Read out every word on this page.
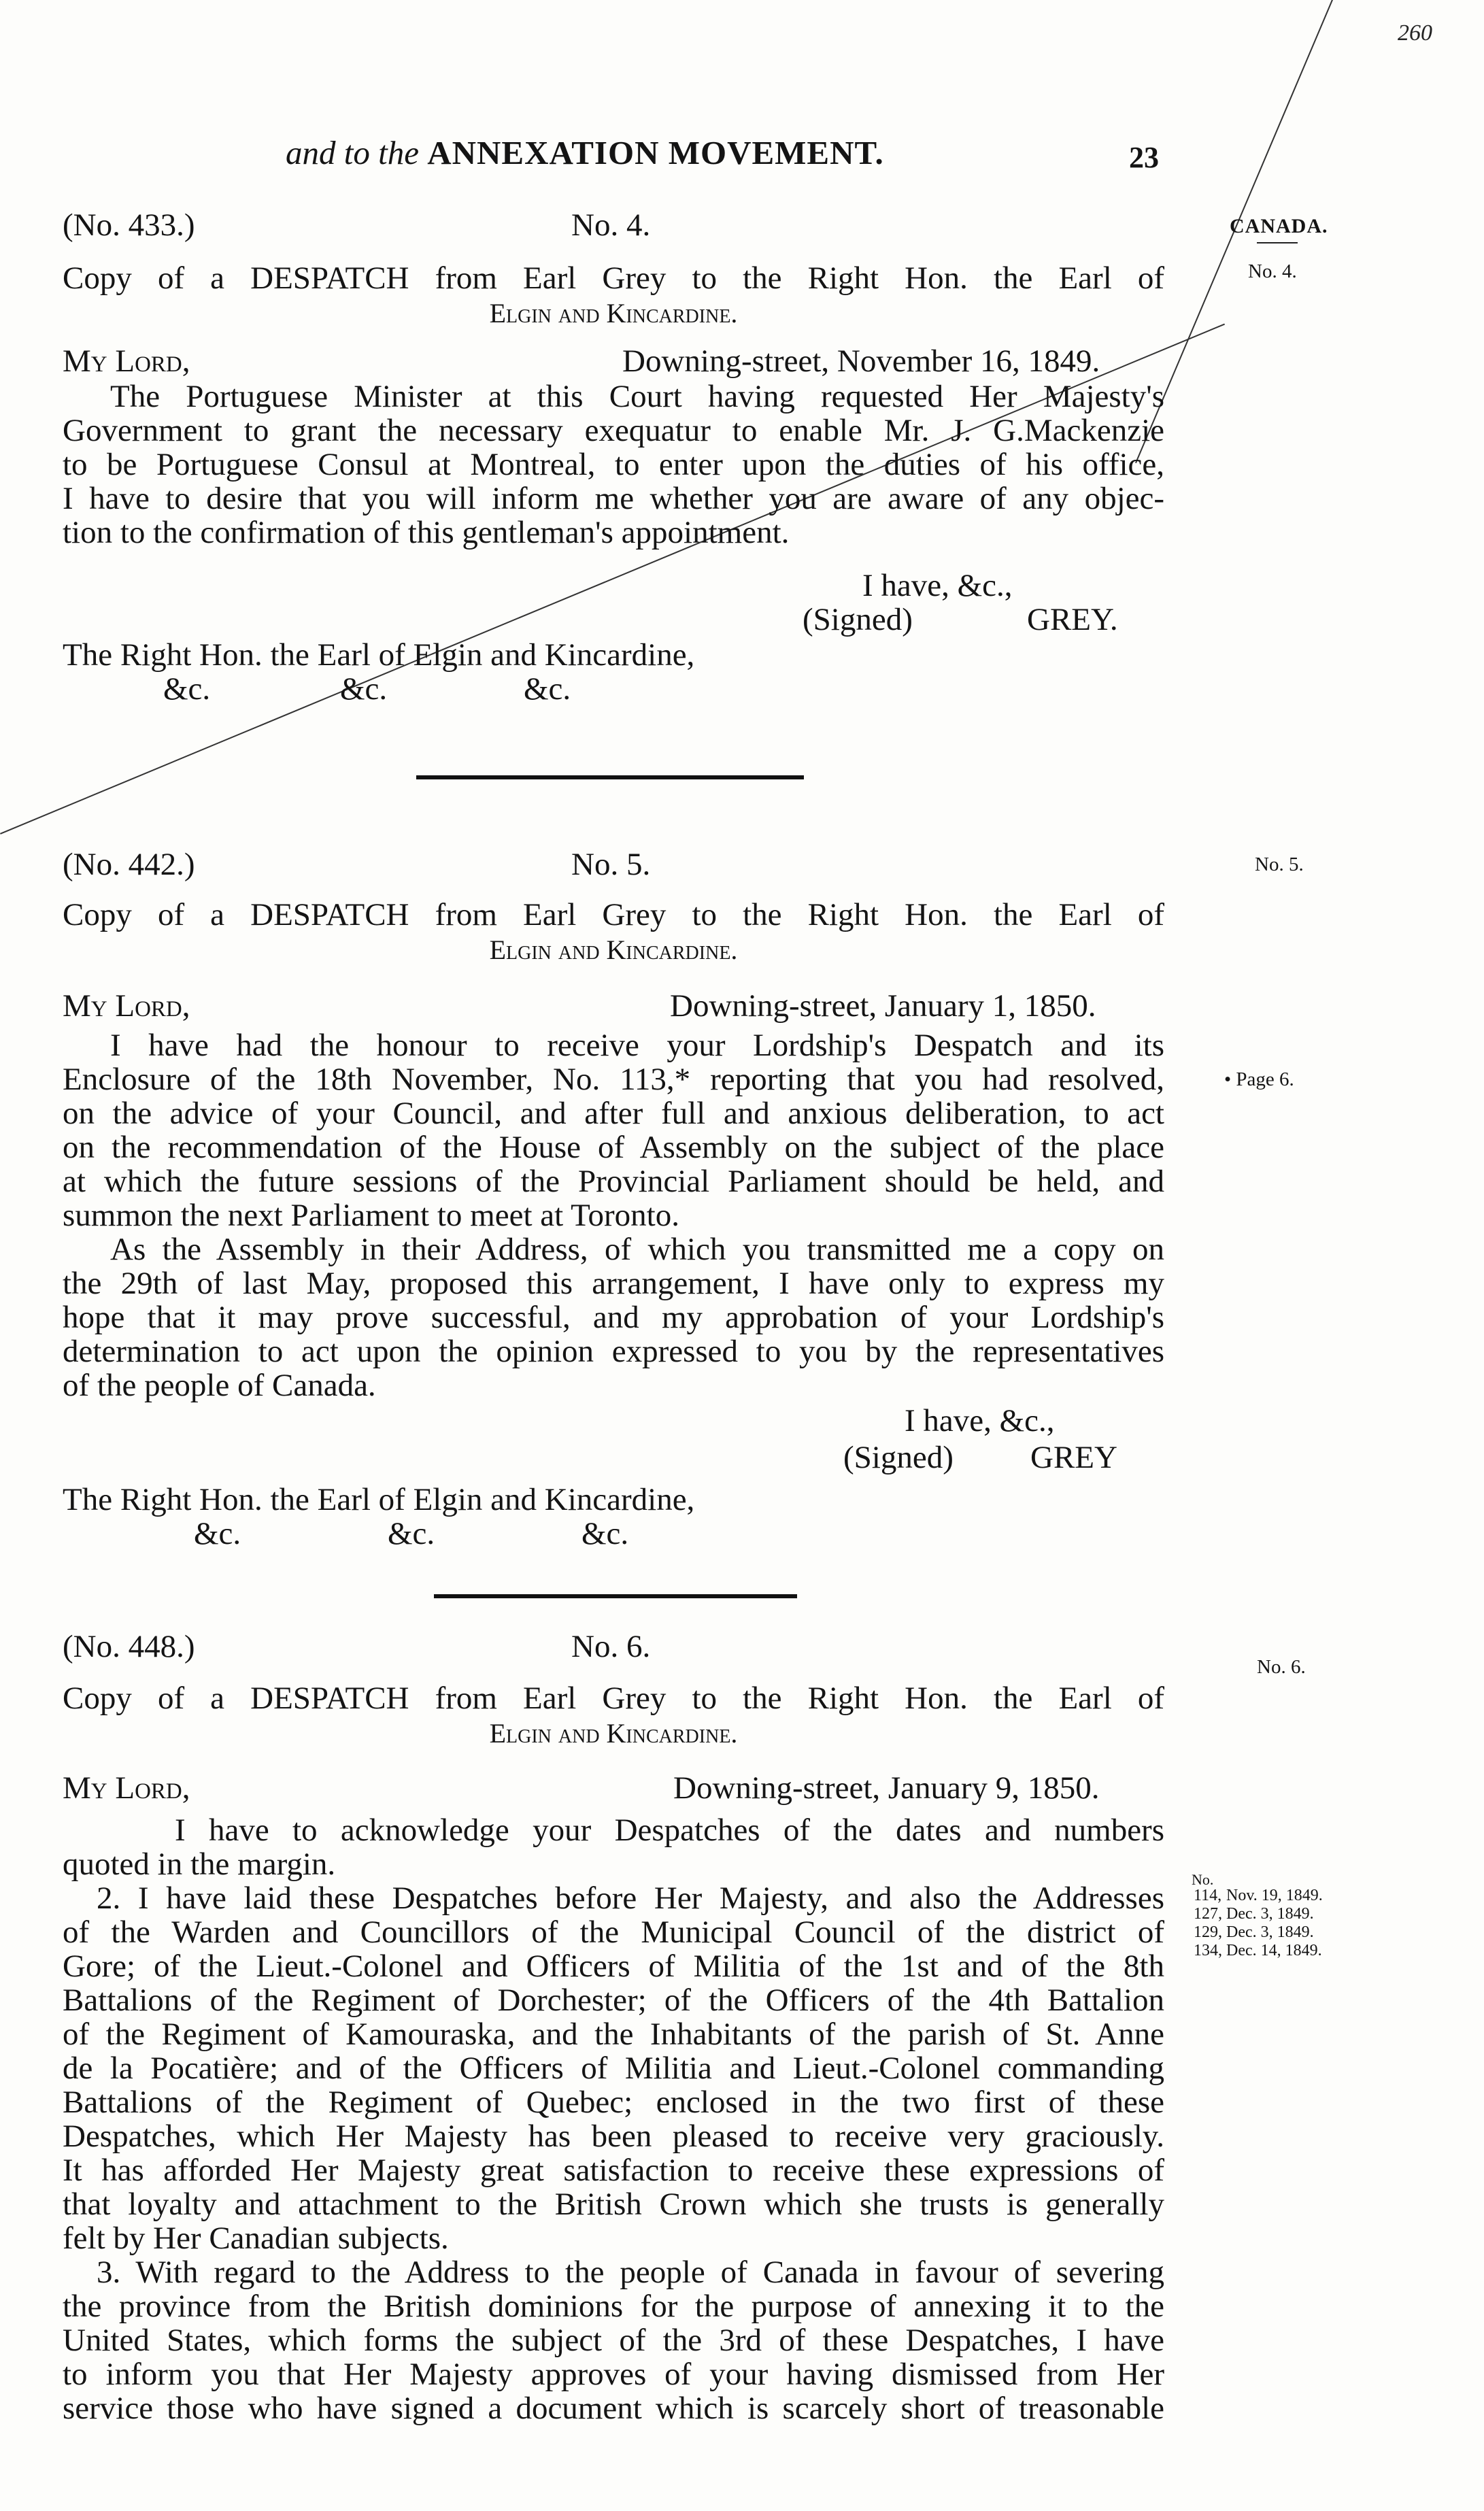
260
and to the ANNEXATION MOVEMENT.	23
(No. 433.)	No. 4.
Copy of a DESPATCH from Earl Grey to the Right Hon. the Earl of
Elgin and Kincardine.
My Lord,	Downing-street, November 16, 1849.
The Portuguese Minister at this Court having requested Her Majesty's
Government to grant the necessary exequatur to enable Mr. J. G.Mackenzie
to be Portuguese Consul at Montreal, to enter upon the duties of his office,
I have to desire that you will inform me whether you are aware of any objec-
tion to the confirmation of this gentleman's appointment.
I have, &c.,
(Signed)	GREY.
The Right Hon. the Earl of Elgin and Kincardine,
&c.	&c.	&c.
(No. 442.)	No. 5.
Copy of a DESPATCH from Earl Grey to the Right Hon. the Earl of
Elgin and Kincardine.
My Lord,	Downing-street, January 1, 1850.
I have had the honour to receive your Lordship's Despatch and its
Enclosure of the 18th November, No. 113,* reporting that you had resolved,
on the advice of your Council, and after full and anxious deliberation, to act
on the recommendation of the House of Assembly on the subject of the place
at which the future sessions of the Provincial Parliament should be held, and
summon the next Parliament to meet at Toronto.
As the Assembly in their Address, of which you transmitted me a copy on
the 29th of last May, proposed this arrangement, I have only to express my
hope that it may prove successful, and my approbation of your Lordship's
determination to act upon the opinion expressed to you by the representatives
of the people of Canada.
I have, &c.,
(Signed) GREY
The Right Hon. the Earl of Elgin and Kincardine,
&c.	&c.	&c.
(No. 448.)	No. 6.
Copy of a DESPATCH from Earl Grey to the Right Hon. the Earl of
Elgin and Kincardine.
My Lord,	Downing-street, January 9, 1850.
I have to acknowledge your Despatches of the dates and numbers
quoted in the margin.
2. I have laid these Despatches before Her Majesty, and also the Addresses
of the Warden and Councillors of the Municipal Council of the district of
Gore; of the Lieut.-Colonel and Officers of Militia of the 1st and of the 8th
Battalions of the Regiment of Dorchester; of the Officers of the 4th Battalion
of the Regiment of Kamouraska, and the Inhabitants of the parish of St. Anne
de la Pocatière; and of the Officers of Militia and Lieut.-Colonel commanding
Battalions of the Regiment of Quebec; enclosed in the two first of these
Despatches, which Her Majesty has been pleased to receive very graciously.
It has afforded Her Majesty great satisfaction to receive these expressions of
that loyalty and attachment to the British Crown which she trusts is generally
felt by Her Canadian subjects.
3. With regard to the Address to the people of Canada in favour of severing
the province from the British dominions for the purpose of annexing it to the
United States, which forms the subject of the 3rd of these Despatches, I have
to inform you that Her Majesty approves of your having dismissed from Her
service those who have signed a document which is scarcely short of treasonable
CANADA.
No. 4.
No. 5.
• Page 6.
No. 6.
No.
114,	Nov. 19, 1849.
127,	Dec. 3, 1849.
129,	Dec. 3, 1849.
134,	Dec. 14, 1849.
